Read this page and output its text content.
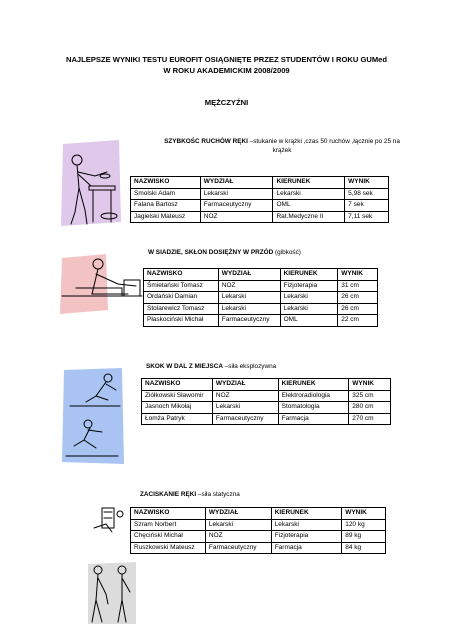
NAJLEPSZE WYNIKI TESTU EUROFIT OSIĄGNIĘTE PRZEZ STUDENTÓW I ROKU GUMed
W ROKU AKADEMICKIM 2008/2009
MĘŻCZYŹNI
SZYBKOŚC RUCHÓW RĘKI –stukanie w krążki ,czas 50 ruchów ,łącznie po 25 na
krążek
NAZWISKO	WYDZIAŁ	KIERUNEK	WYNIK
Smolski Adam	Lekarski	Lekarski	5,98 sek
Falana Bartosz	Farmaceutyczny	OML	7 sek
Jagielski Mateusz	NOZ	Rat.Medyczne II	7,11 sek
W SIADZIE, SKŁON DOSIĘŻNY W PRZÓD (gibkość)
NAZWISKO	WYDZIAŁ	KIERUNEK	WYNIK
Śmietański Tomasz	NOZ	Fizjoterapia	31 cm
Ordański Damian	Lekarski	Lekarski	26 cm
Stolarewicz Tomasz	Lekarski	Lekarski	26 cm
Płaskociński Michał	Farmaceutyczny	OML	22 cm
SKOK W DAL Z MIEJSCA –siła eksplozywna
NAZWISKO	WYDZIAŁ	KIERUNEK	WYNIK
Ziółkowski Sławomir	NOZ	Elektroradiologia	325 cm
Jasnoch Mikołaj	Lekarski	Stomatologia	280 cm
Łomża Patryk	Farmaceutyczny	Farmacja	270 cm
ZACISKANIE RĘKI –siła statyczna
NAZWISKO	WYDZIAŁ	KIERUNEK	WYNIK
Szram Norbert	Lekarski	Lekarski	120 kg
Chęciński Michał	NOZ	Fizjoterapia	89 kg
Ruszkowski Mateusz	Farmaceutyczny	Farmacja	84 kg
